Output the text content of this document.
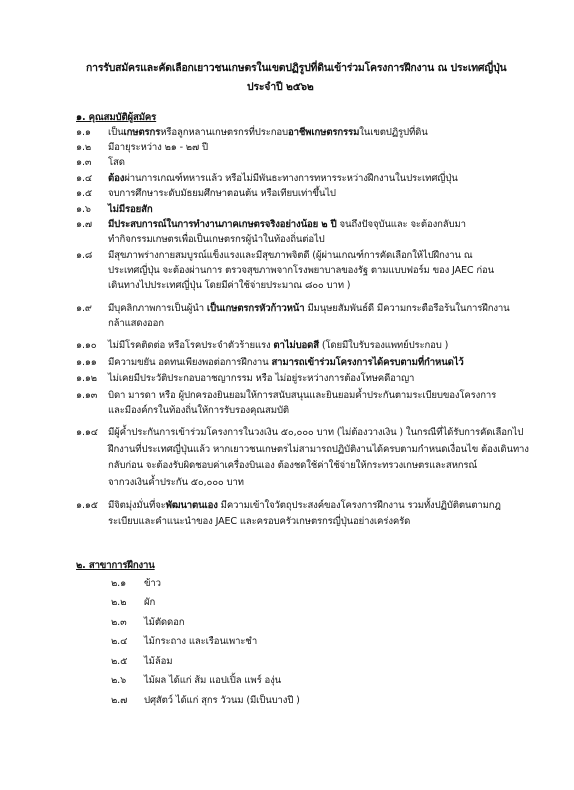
การรับสมัครและคัดเลือกเยาวชนเกษตรในเขตปฏิรูปที่ดินเข้าร่วมโครงการฝึกงาน ณ ประเทศญี่ปุ่น
ประจำปี ๒๕๖๒
๑. คุณสมบัติผู้สมัคร
๑.๑ เป็นเกษตรกรหรือลูกหลานเกษตรกรที่ประกอบอาชีพเกษตรกรรมในเขตปฏิรูปที่ดิน
๑.๒ มีอายุระหว่าง ๒๑ - ๒๗ ปี
๑.๓ โสด
๑.๔ ต้องผ่านการเกณฑ์ทหารแล้ว หรือไม่มีพันธะทางการทหารระหว่างฝึกงานในประเทศญี่ปุ่น
๑.๕ จบการศึกษาระดับมัธยมศึกษาตอนต้น หรือเทียบเท่าขึ้นไป
๑.๖ ไม่มีรอยสัก
๑.๗ มีประสบการณ์ในการทำงานภาคเกษตรจริงอย่างน้อย ๒ ปี จนถึงปัจจุบันและ จะต้องกลับมา
ทำกิจกรรมเกษตรเพื่อเป็นเกษตรกรผู้นำในท้องถิ่นต่อไป
๑.๘ มีสุขภาพร่างกายสมบูรณ์แข็งแรงและมีสุขภาพจิตดี (ผู้ผ่านเกณฑ์การคัดเลือกให้ไปฝึกงาน ณ
ประเทศญี่ปุ่น จะต้องผ่านการ ตรวจสุขภาพจากโรงพยาบาลของรัฐ ตามแบบฟอร์ม ของ JAEC ก่อน
เดินทางไปประเทศญี่ปุ่น โดยมีค่าใช้จ่ายประมาณ ๘๐๐ บาท )
๑.๙ มีบุคลิกภาพการเป็นผู้นำ เป็นเกษตรกรหัวก้าวหน้า มีมนุษยสัมพันธ์ดี มีความกระตือรือร้นในการฝึกงาน
กล้าแสดงออก
๑.๑๐ ไม่มีโรคติดต่อ หรือโรคประจำตัวร้ายแรง ตาไม่บอดสี (โดยมีใบรับรองแพทย์ประกอบ )
๑.๑๑ มีความขยัน อดทนเพียงพอต่อการฝึกงาน สามารถเข้าร่วมโครงการได้ครบตามที่กำหนดไว้
๑.๑๒ ไม่เคยมีประวัติประกอบอาชญากรรม หรือ ไม่อยู่ระหว่างการต้องโทษคดีอาญา
๑.๑๓ บิดา มารดา หรือ ผู้ปกครองยินยอมให้การสนับสนุนและยินยอมค้ำประกันตามระเบียบของโครงการ
และมีองค์กรในท้องถิ่นให้การรับรองคุณสมบัติ
๑.๑๔ มีผู้ค้ำประกันการเข้าร่วมโครงการในวงเงิน ๕๐,๐๐๐ บาท (ไม่ต้องวางเงิน ) ในกรณีที่ได้รับการคัดเลือกไป
ฝึกงานที่ประเทศญี่ปุ่นแล้ว หากเยาวชนเกษตรไม่สามารถปฏิบัติงานได้ครบตามกำหนดเงื่อนไข ต้องเดินทาง
กลับก่อน จะต้องรับผิดชอบค่าเครื่องบินเอง ต้องชดใช้ค่าใช้จ่ายให้กระทรวงเกษตรและสหกรณ์
จากวงเงินค้ำประกัน ๕๐,๐๐๐ บาท
๑.๑๕ มีจิตมุ่งมั่นที่จะพัฒนาตนเอง มีความเข้าใจวัตถุประสงค์ของโครงการฝึกงาน รวมทั้งปฏิบัติตนตามกฎ
ระเบียบและคำแนะนำของ JAEC และครอบครัวเกษตรกรญี่ปุ่นอย่างเคร่งครัด
๒. สาขาการฝึกงาน
๒.๑ ข้าว
๒.๒ ผัก
๒.๓ ไม้ตัดดอก
๒.๔ ไม้กระถาง และเรือนเพาะชำ
๒.๕ ไม้ล้อม
๒.๖ ไม้ผล ได้แก่ ส้ม แอปเปิ้ล แพร์ องุ่น
๒.๗ ปศุสัตว์ ได้แก่ สุกร วัวนม (มีเป็นบางปี )
